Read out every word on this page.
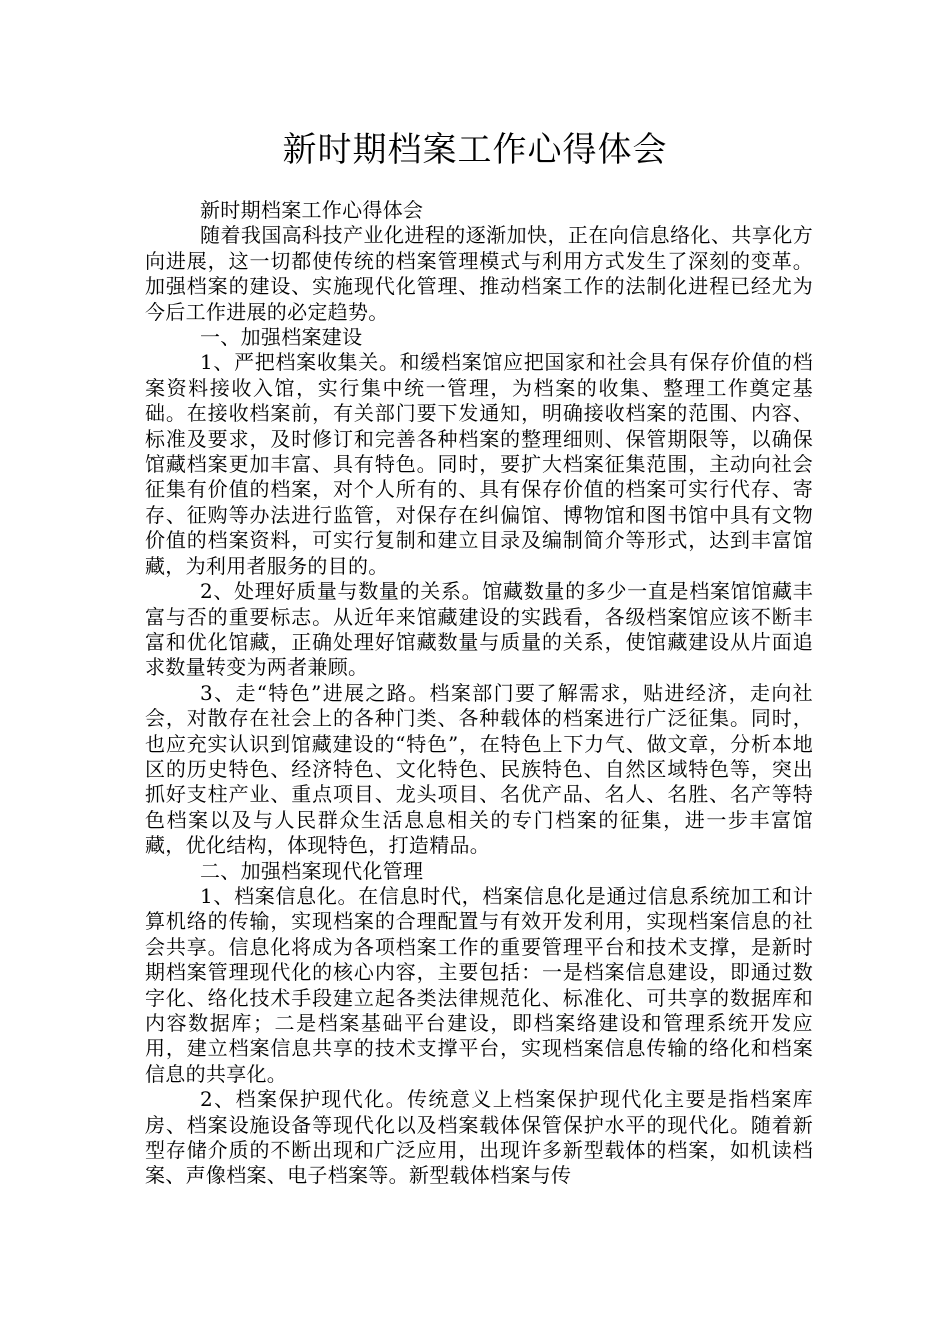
新时期档案工作心得体会

新时期档案工作心得体会

随着我国高科技产业化进程的逐渐加快，正在向信息络化、共享化方向进展，这一切都使传统的档案管理模式与利用方式发生了深刻的变革。加强档案的建设、实施现代化管理、推动档案工作的法制化进程已经尤为今后工作进展的必定趋势。

一、加强档案建设

1、严把档案收集关。和缓档案馆应把国家和社会具有保存价值的档案资料接收入馆，实行集中统一管理，为档案的收集、整理工作奠定基础。在接收档案前，有关部门要下发通知，明确接收档案的范围、内容、标准及要求，及时修订和完善各种档案的整理细则、保管期限等，以确保馆藏档案更加丰富、具有特色。同时，要扩大档案征集范围，主动向社会征集有价值的档案，对个人所有的、具有保存价值的档案可实行代存、寄存、征购等办法进行监管，对保存在纠偏馆、博物馆和图书馆中具有文物价值的档案资料，可实行复制和建立目录及编制简介等形式，达到丰富馆藏，为利用者服务的目的。

2、处理好质量与数量的关系。馆藏数量的多少一直是档案馆馆藏丰富与否的重要标志。从近年来馆藏建设的实践看，各级档案馆应该不断丰富和优化馆藏，正确处理好馆藏数量与质量的关系，使馆藏建设从片面追求数量转变为两者兼顾。

3、走“特色”进展之路。档案部门要了解需求，贴进经济，走向社会，对散存在社会上的各种门类、各种载体的档案进行广泛征集。同时，也应充实认识到馆藏建设的“特色”，在特色上下力气、做文章，分析本地区的历史特色、经济特色、文化特色、民族特色、自然区域特色等，突出抓好支柱产业、重点项目、龙头项目、名优产品、名人、名胜、名产等特色档案以及与人民群众生活息息相关的专门档案的征集，进一步丰富馆藏，优化结构，体现特色，打造精品。

二、加强档案现代化管理

1、档案信息化。在信息时代，档案信息化是通过信息系统加工和计算机络的传输，实现档案的合理配置与有效开发利用，实现档案信息的社会共享。信息化将成为各项档案工作的重要管理平台和技术支撑，是新时期档案管理现代化的核心内容，主要包括：一是档案信息建设，即通过数字化、络化技术手段建立起各类法律规范化、标准化、可共享的数据库和内容数据库；二是档案基础平台建设，即档案络建设和管理系统开发应用，建立档案信息共享的技术支撑平台，实现档案信息传输的络化和档案信息的共享化。

2、档案保护现代化。传统意义上档案保护现代化主要是指档案库房、档案设施设备等现代化以及档案载体保管保护水平的现代化。随着新型存储介质的不断出现和广泛应用，出现许多新型载体的档案，如机读档案、声像档案、电子档案等。新型载体档案与传
